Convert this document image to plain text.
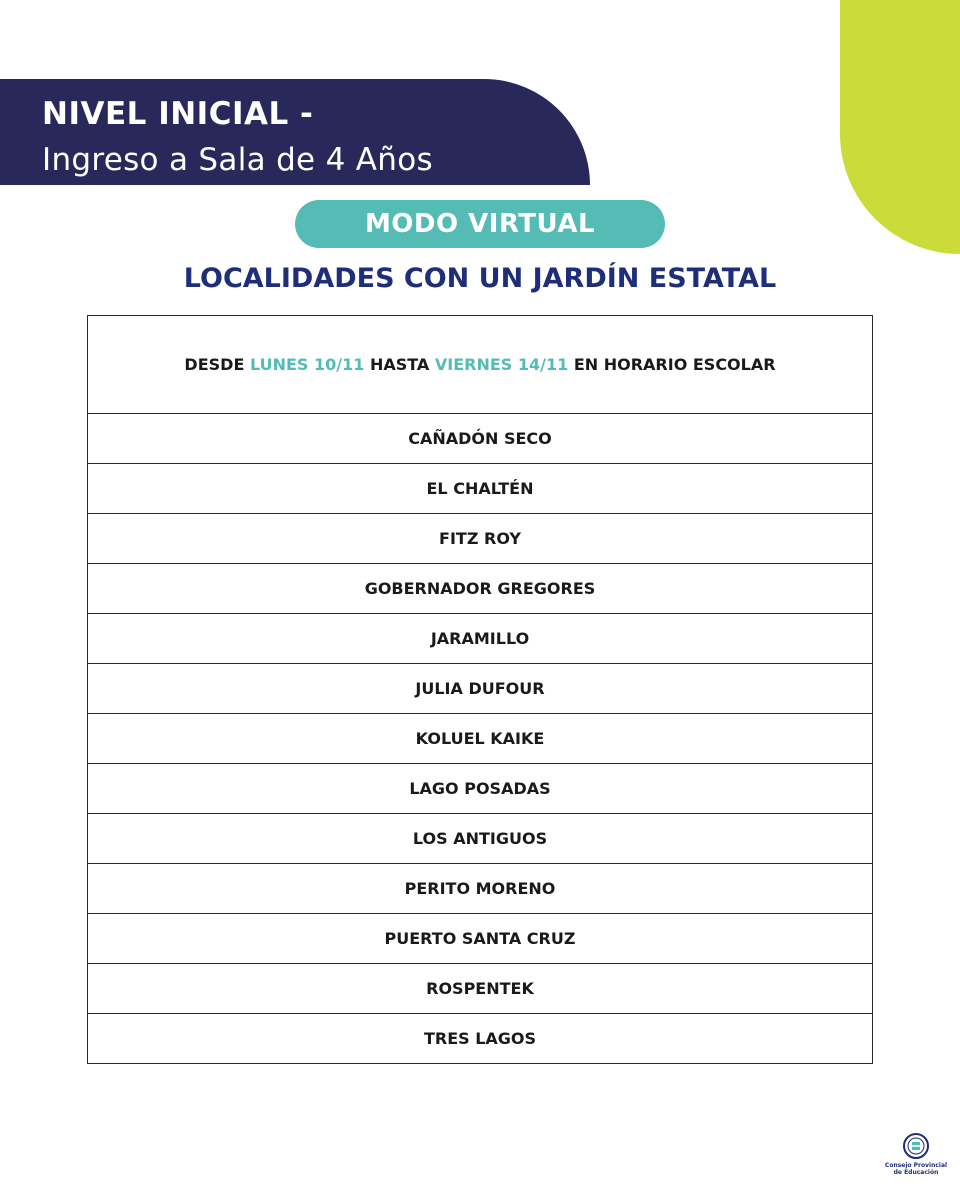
NIVEL INICIAL -

Ingreso a Sala de 4 Años

MODO VIRTUAL
LOCALIDADES CON UN JARDÍN ESTATAL
DESDE LUNES 10/11 HASTA VIERNES 14/11 EN HORARIO ESCOLAR
CAÑADÓN SECO
EL CHALTÉN
FITZ ROY
GOBERNADOR GREGORES
JARAMILLO
JULIA DUFOUR
KOLUEL KAIKE
LAGO POSADAS
LOS ANTIGUOS
PERITO MORENO
PUERTO SANTA CRUZ
ROSPENTEK
TRES LAGOS
Consejo Provincial
de Educación
